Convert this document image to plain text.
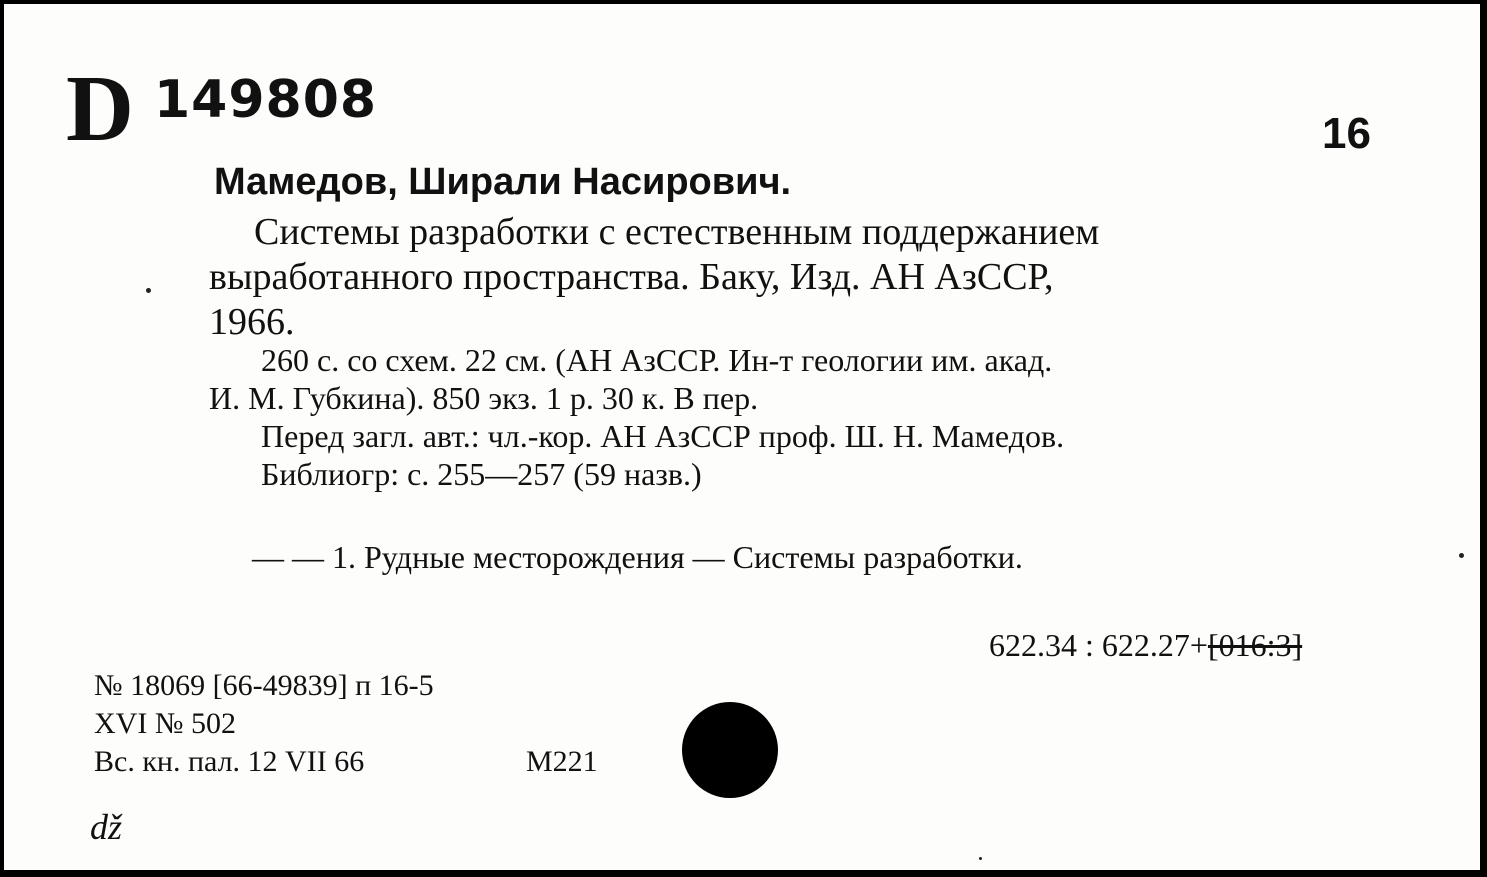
D 149808
16
Мамедов, Ширали Насирович.
Системы разработки с естественным поддержанием
выработанного пространства. Баку, Изд. АН АзССР,
1966.
260 с. со схем. 22 см. (АН АзССР. Ин-т геологии им. акад.
И. М. Губкина). 850 экз. 1 р. 30 к. В пер.
Перед загл. авт.: чл.-кор. АН АзССР проф. Ш. Н. Мамедов.
Библиогр: с. 255—257 (59 назв.)
— — 1. Рудные месторождения — Системы разработки.
622.34 : 622.27+[016:3]
№ 18069 [66-49839] п 16-5
XVI № 502
Вс. кн. пал. 12 VII 66	М221
ǆ
